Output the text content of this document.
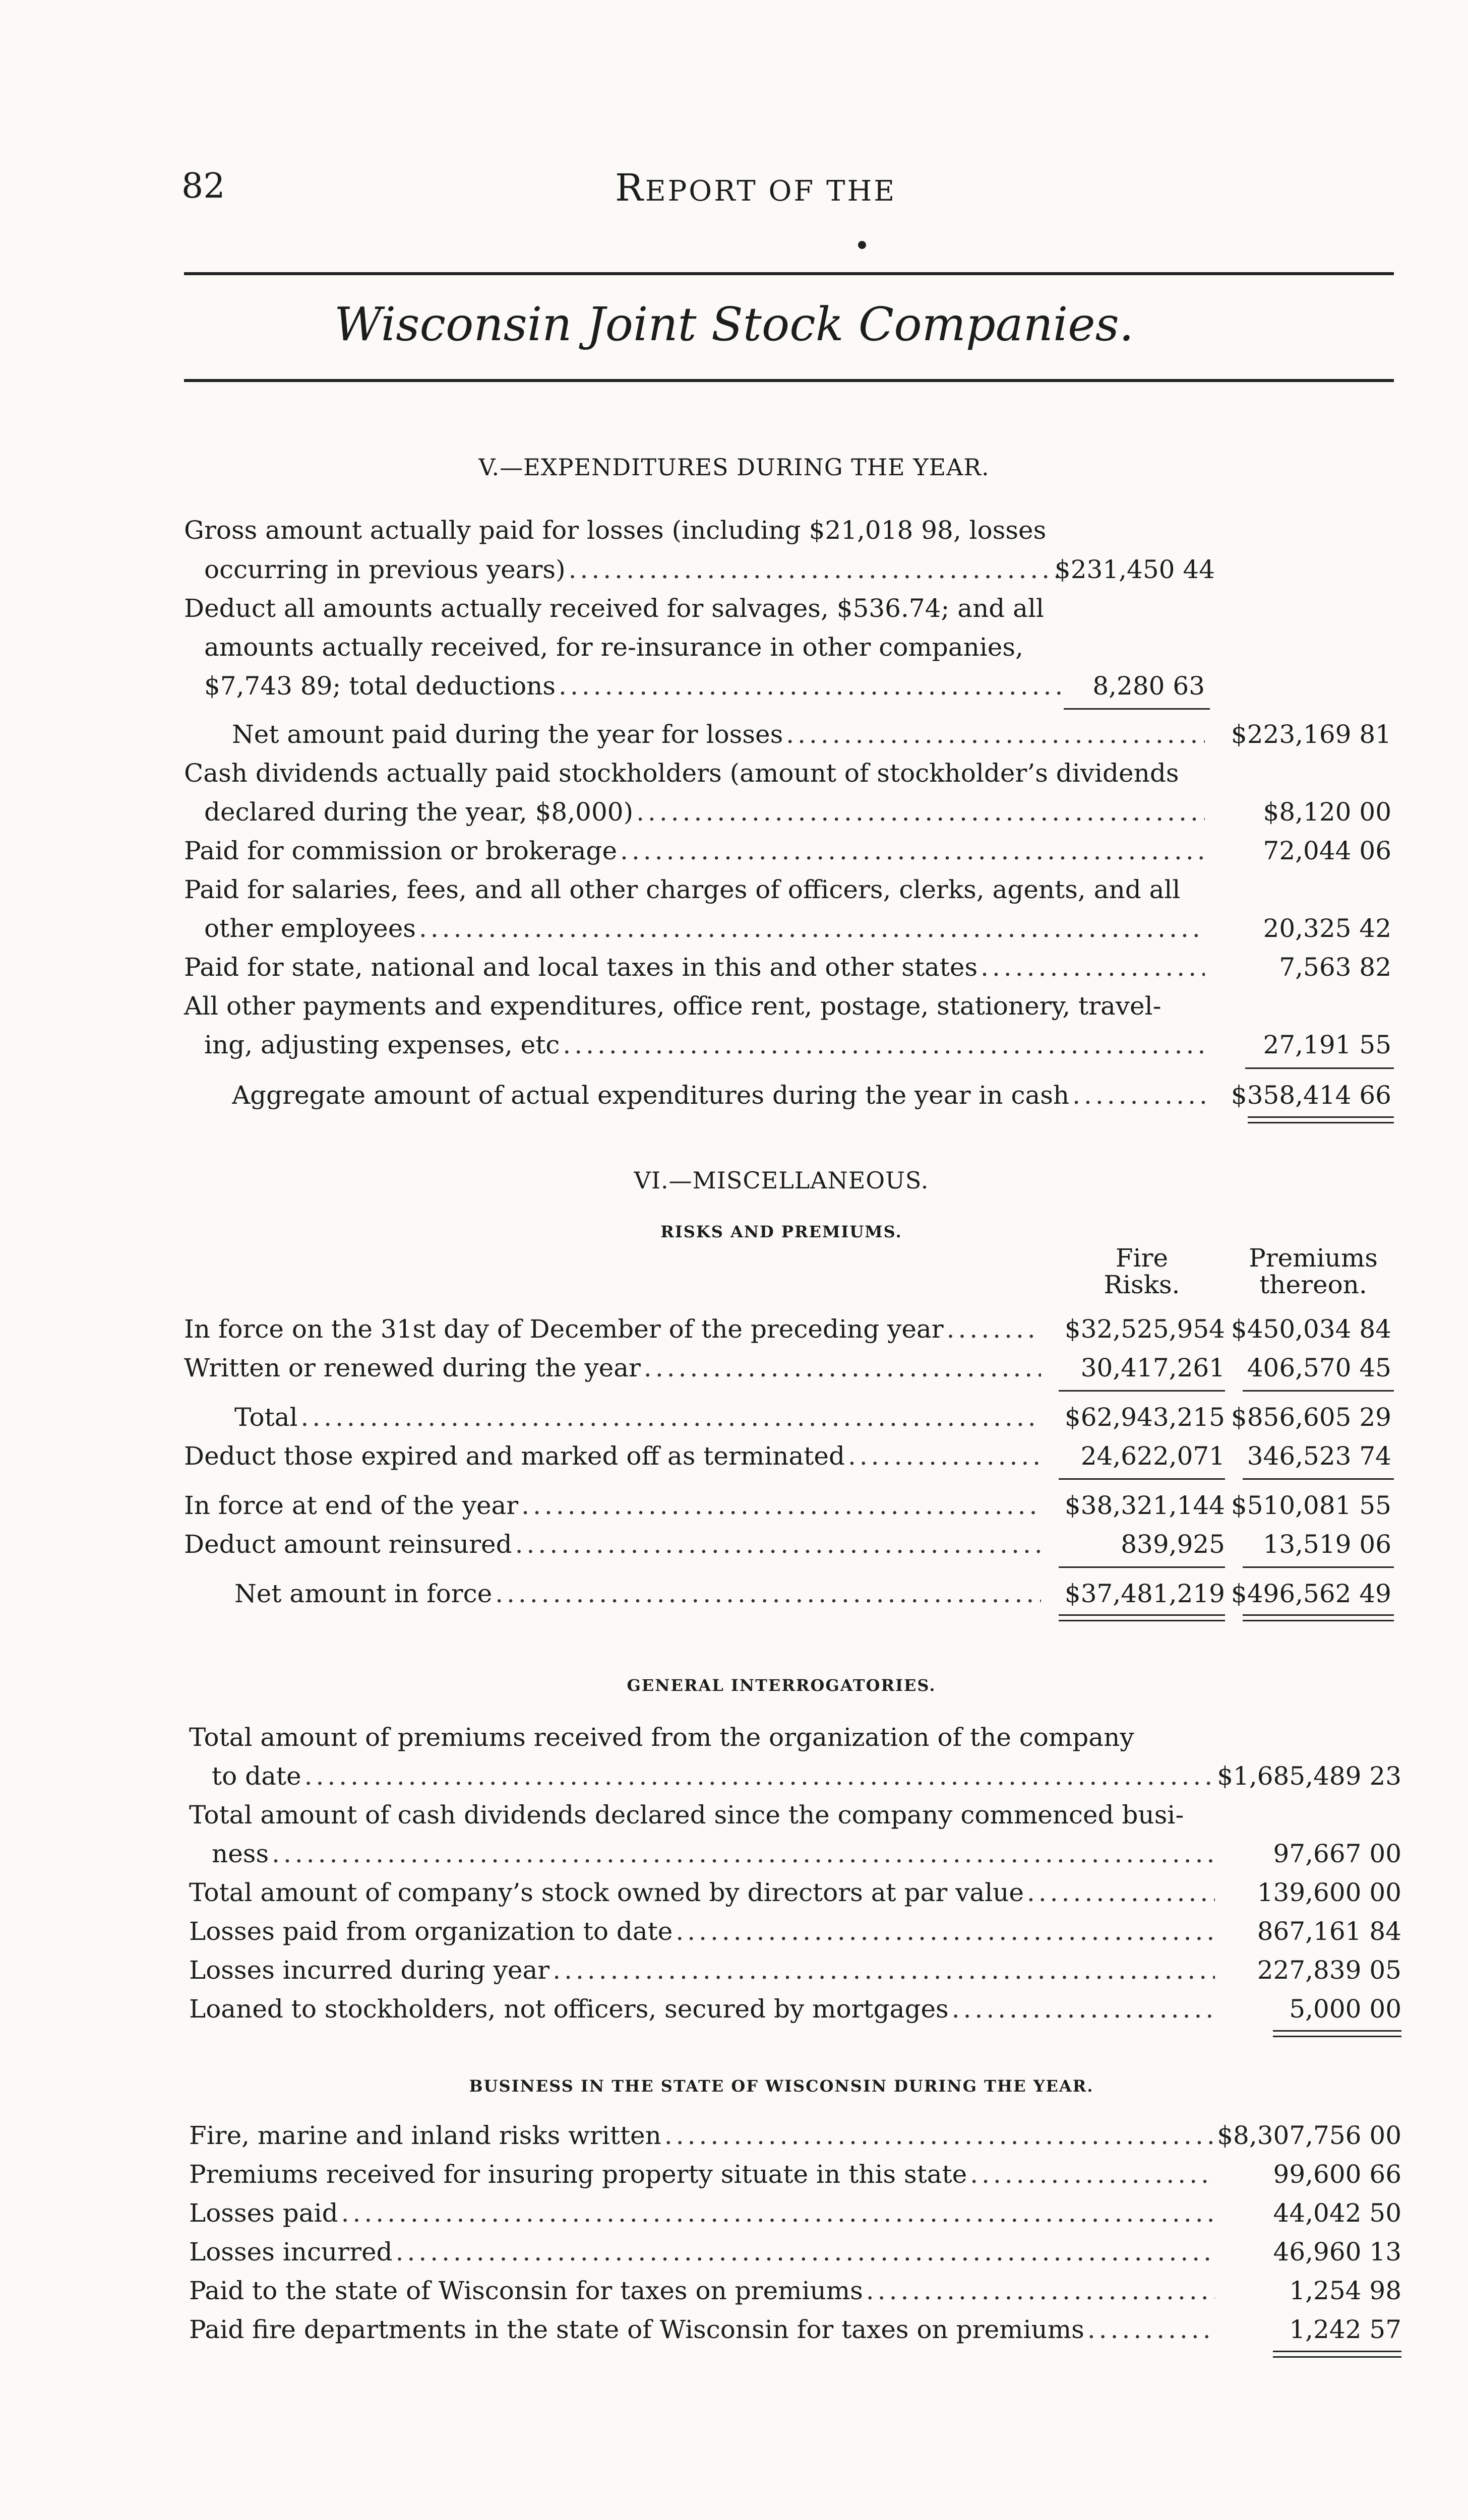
82	REPORT OF THE
Wisconsin Joint Stock Companies.
V.—EXPENDITURES DURING THE YEAR.
Gross amount actually paid for losses (including $21,018 98, losses
occurring in previous years) .....	$231,450 44
Deduct all amounts actually received for salvages, $536.74; and all
amounts actually received, for re-insurance in other companies,
$7,743 89; total deductions .....	8,280 63
Net amount paid during the year for losses .....	$223,169 81
Cash dividends actually paid stockholders (amount of stockholder’s dividends
declared during the year, $8,000) .....	$8,120 00
Paid for commission or brokerage .....	72,044 06
Paid for salaries, fees, and all other charges of officers, clerks, agents, and all
other employees .....	20,325 42
Paid for state, national and local taxes in this and other states .....	7,563 82
All other payments and expenditures, office rent, postage, stationery, travel-
ing, adjusting expenses, etc .....	27,191 55
Aggregate amount of actual expenditures during the year in cash .....	$358,414 66
VI.—MISCELLANEOUS.
RISKS AND PREMIUMS.
Fire
Risks.
Premiums
thereon.
In force on the 31st day of December of the preceding year .....	$32,525,954 $450,034 84
Written or renewed during the year .....	30,417,261 406,570 45
Total .....	$62,943,215 $856,605 29
Deduct those expired and marked off as terminated .....	24,622,071 346,523 74
In force at end of the year .....	$38,321,144 $510,081 55
Deduct amount reinsured .....	839,925	13,519 06
Net amount in force .....	$37,481,219 $496,562 49
GENERAL INTERROGATORIES.
Total amount of premiums received from the organization of the company
to date .....	$1,685,489 23
Total amount of cash dividends declared since the company commenced busi-
ness .....	97,667 00
Total amount of company’s stock owned by directors at par value .....	139,600 00
Losses paid from organization to date .....	867,161 84
Losses incurred during year .....	227,839 05
Loaned to stockholders, not officers, secured by mortgages .....	5,000 00
BUSINESS IN THE STATE OF WISCONSIN DURING THE YEAR.
Fire, marine and inland risks written .....	$8,307,756 00
Premiums received for insuring property situate in this state .....	99,600 66
Losses paid .....	44,042 50
Losses incurred .....	46,960 13
Paid to the state of Wisconsin for taxes on premiums .....	1,254 98
Paid fire departments in the state of Wisconsin for taxes on premiums .....	1,242 57
